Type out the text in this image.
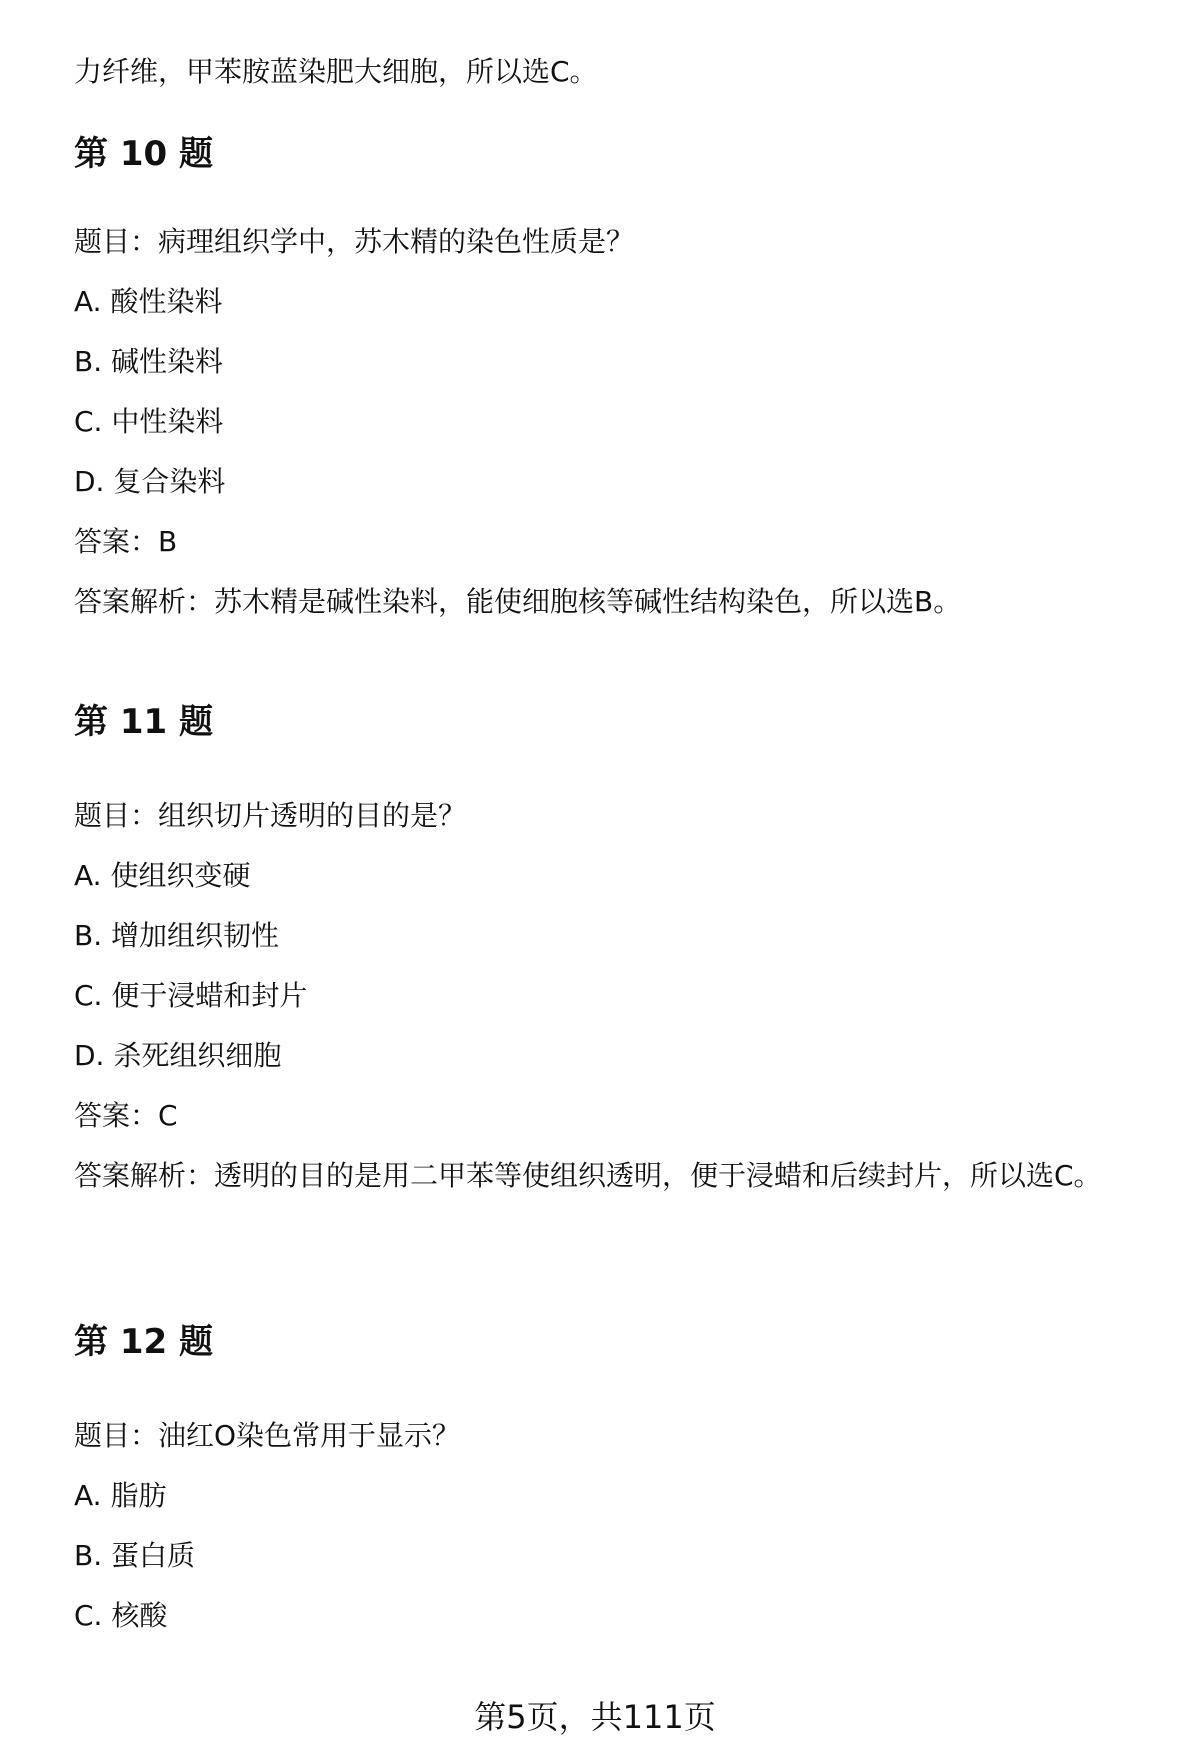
力纤维，甲苯胺蓝染肥大细胞，所以选C。

第 10 题

题目：病理组织学中，苏木精的染色性质是？

A. 酸性染料

B. 碱性染料

C. 中性染料

D. 复合染料

答案：B

答案解析：苏木精是碱性染料，能使细胞核等碱性结构染色，所以选B。

第 11 题

题目：组织切片透明的目的是？

A. 使组织变硬

B. 增加组织韧性

C. 便于浸蜡和封片

D. 杀死组织细胞

答案：C

答案解析：透明的目的是用二甲苯等使组织透明，便于浸蜡和后续封片，所以选C。

第 12 题

题目：油红O染色常用于显示？

A. 脂肪

B. 蛋白质

C. 核酸

第5页，共111页
